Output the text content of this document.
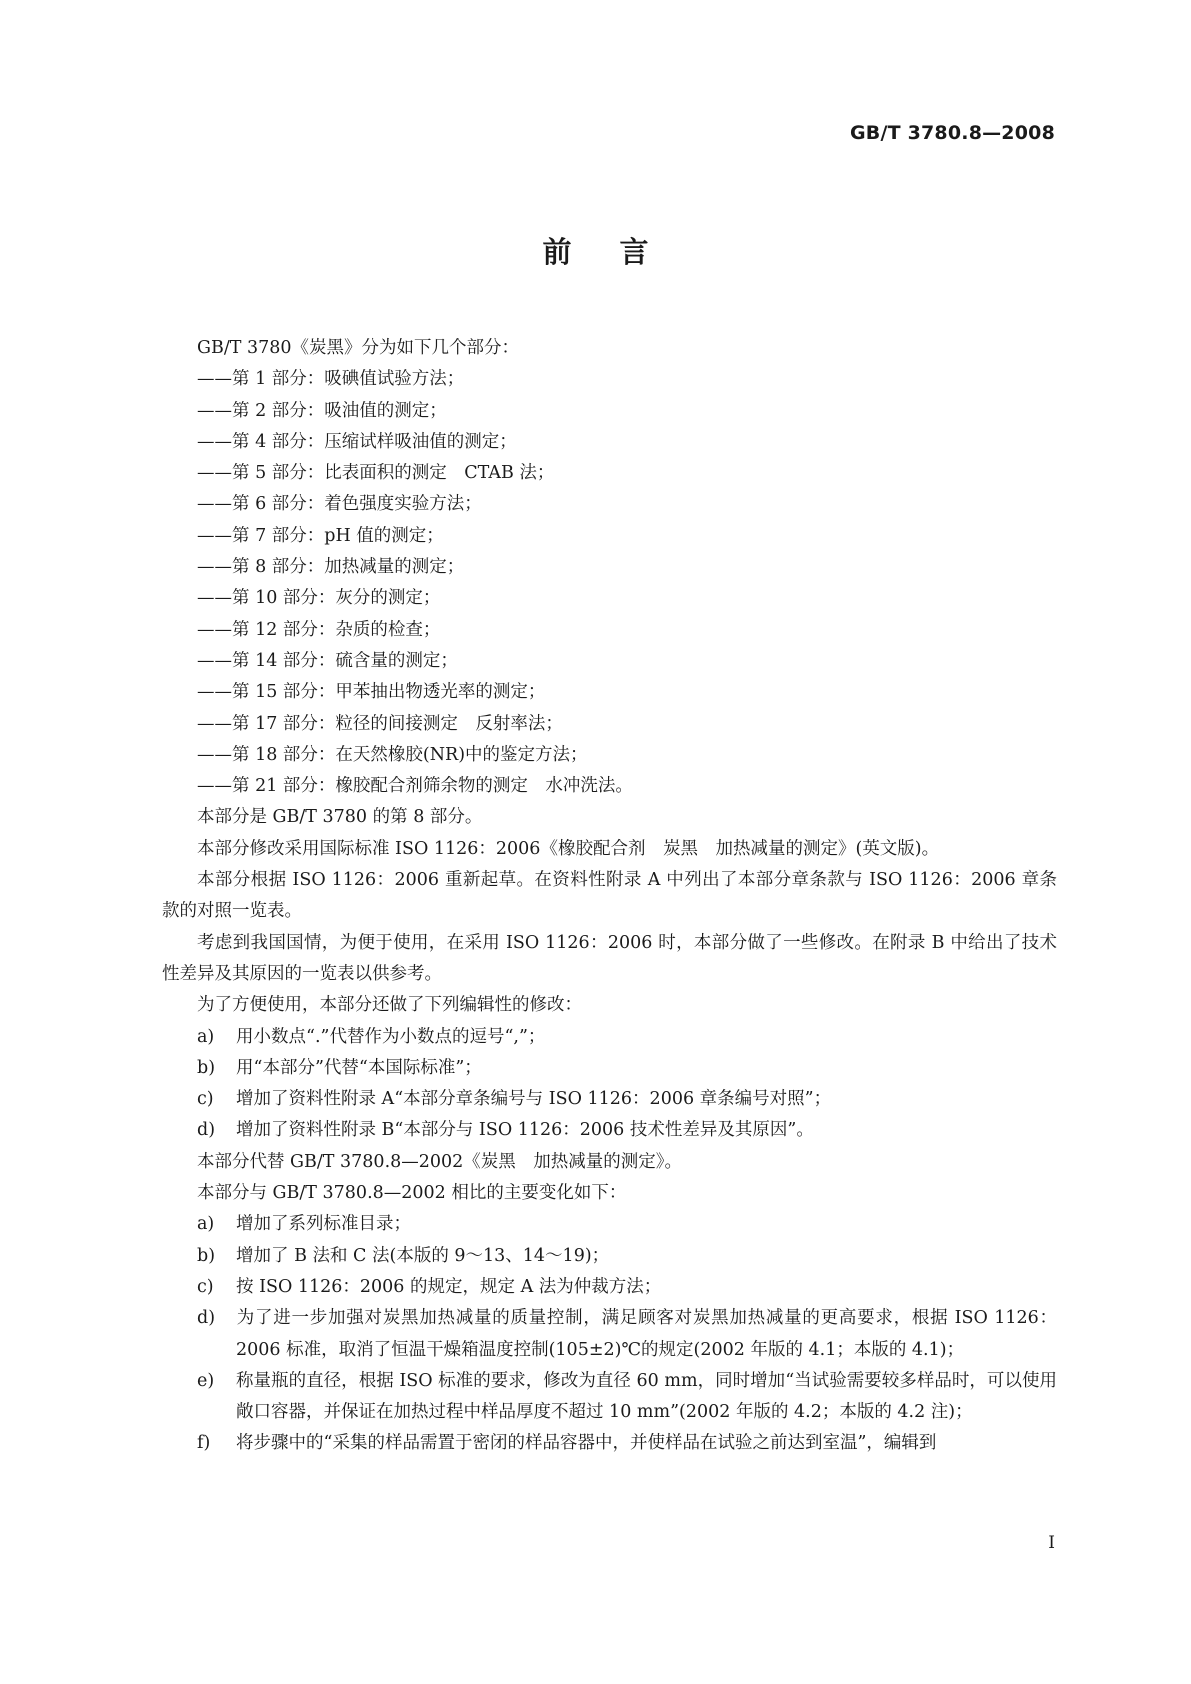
GB/T 3780.8—2008
前言

GB/T 3780《炭黑》分为如下几个部分：

——第 1 部分：吸碘值试验方法；

——第 2 部分：吸油值的测定；

——第 4 部分：压缩试样吸油值的测定；

——第 5 部分：比表面积的测定　CTAB 法；

——第 6 部分：着色强度实验方法；

——第 7 部分：pH 值的测定；

——第 8 部分：加热减量的测定；

——第 10 部分：灰分的测定；

——第 12 部分：杂质的检查；

——第 14 部分：硫含量的测定；

——第 15 部分：甲苯抽出物透光率的测定；

——第 17 部分：粒径的间接测定　反射率法；

——第 18 部分：在天然橡胶(NR)中的鉴定方法；

——第 21 部分：橡胶配合剂筛余物的测定　水冲洗法。

本部分是 GB/T 3780 的第 8 部分。

本部分修改采用国际标准 ISO 1126：2006《橡胶配合剂　炭黑　加热减量的测定》(英文版)。

本部分根据 ISO 1126：2006 重新起草。在资料性附录 A 中列出了本部分章条款与 ISO 1126：2006 章条款的对照一览表。

考虑到我国国情，为便于使用，在采用 ISO 1126：2006 时，本部分做了一些修改。在附录 B 中给出了技术性差异及其原因的一览表以供参考。

为了方便使用，本部分还做了下列编辑性的修改：

a) 用小数点“.”代替作为小数点的逗号“,”；

b) 用“本部分”代替“本国际标准”；

c) 增加了资料性附录 A“本部分章条编号与 ISO 1126：2006 章条编号对照”；

d) 增加了资料性附录 B“本部分与 ISO 1126：2006 技术性差异及其原因”。

本部分代替 GB/T 3780.8—2002《炭黑　加热减量的测定》。

本部分与 GB/T 3780.8—2002 相比的主要变化如下：

a) 增加了系列标准目录；

b) 增加了 B 法和 C 法(本版的 9～13、14～19)；

c) 按 ISO 1126：2006 的规定，规定 A 法为仲裁方法；

d) 为了进一步加强对炭黑加热减量的质量控制，满足顾客对炭黑加热减量的更高要求，根据 ISO 1126：2006 标准，取消了恒温干燥箱温度控制(105±2)℃的规定(2002 年版的 4.1；本版的 4.1)；

e) 称量瓶的直径，根据 ISO 标准的要求，修改为直径 60 mm，同时增加“当试验需要较多样品时，可以使用敞口容器，并保证在加热过程中样品厚度不超过 10 mm”(2002 年版的 4.2；本版的 4.2 注)；

f) 将步骤中的“采集的样品需置于密闭的样品容器中，并使样品在试验之前达到室温”，编辑到

I
